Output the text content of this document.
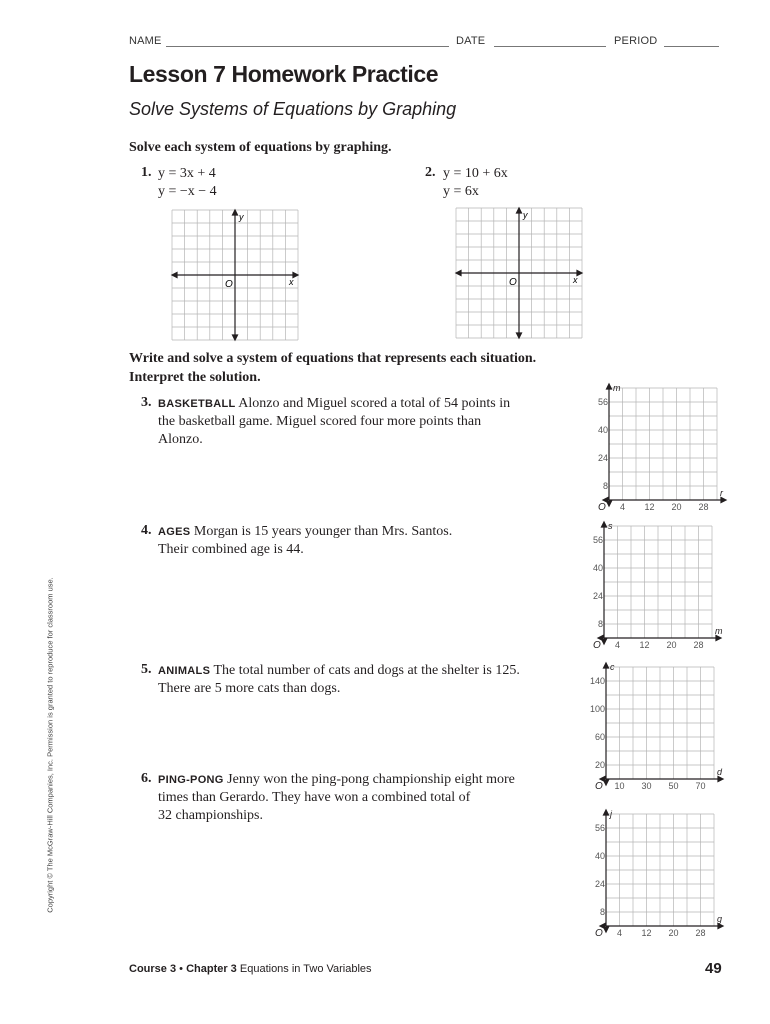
NAME	DATE	PERIOD
Lesson 7 Homework Practice
Solve Systems of Equations by Graphing
Solve each system of equations by graphing.
1. y = 3x + 4
y = −x − 4
2. y = 10 + 6x
y = 6x
O	x
y
O	x
y
Write and solve a system of equations that represents each situation.
Interpret the solution.
3. BASKETBALL Alonzo and Miguel scored a total of 54 points in
the basketball game. Miguel scored four more points than
Alonzo.
4. AGES Morgan is 15 years younger than Mrs. Santos.
Their combined age is 44.
5. ANIMALS The total number of cats and dogs at the shelter is 125.
There are 5 more cats than dogs.
6. PING-PONG Jenny won the ping-pong championship eight more
times than Gerardo. They have won a combined total of
32 championships.
4 12 20 28
56
40
24
8
O
r
m
4 12 20 28
56
40
24
8
O
m
s
10 30 50 70
140
100
60
20
O
d
c
4 12 20 28
56
40
24
8
O
g
j
Copyright © The McGraw-Hill Companies, Inc. Permission is granted to reproduce for classroom use.
Course 3 • Chapter 3 Equations in Two Variables	49
